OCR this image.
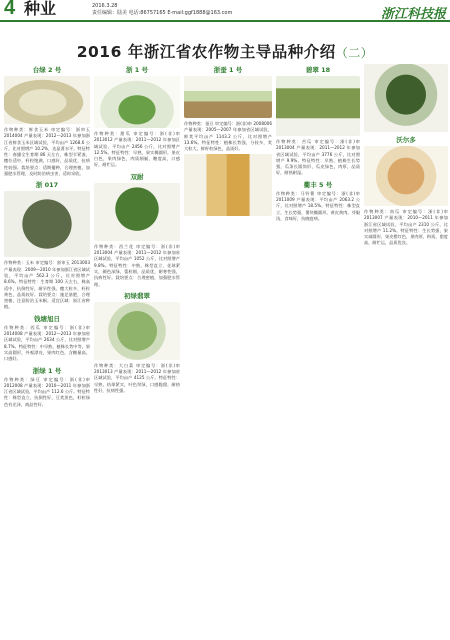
4 种业	2016.3.28
责任编辑：陆美 电话:86757165 E-mail:ggf1888@163.com	浙江科技报
2016 年浙江省农作物主导品种介绍（二）
台绿 2 号

作物种类：鲜食玉米 审定编号：浙审玉 2014004 产量表现：2012—2013 年参加浙江省鲜食玉米区域试验，平均亩产 1268.6 公斤，比对照增产 10.2%，达显著水平。特征特性：春播全生育期 86 天左右，株型半紧凑，穗位适中，籽粒饱满，口感好，品质优，抗病性较强。栽培要点：适期播种，合理密植，加强肥水管理，及时防治病虫害，适时采收。

浙 017

作物种类：玉米 审定编号：浙审玉 2013003 产量表现：2009—2010 年参加浙江省区域试验，平均亩产 562.3 公斤，比对照增产 8.6%。特征特性：生育期 100 天左右，株高适中，抗倒性好，耐旱性强，穗大粒多，籽粒黄色，品质较好。栽培要点：施足基肥，合理密植，注意防治玉米螟。适宜区域：浙江省种植。

钱塘旭日

作物种类：西瓜 审定编号：浙(非)审 2014008 产量表现：2012—2013 年参加省区域试验，平均亩产 2634 公斤，比对照增产 8.7%。特征特性：中早熟，植株长势中等，果实高圆形，外观漂亮，果肉红色，含糖量高，口感好。

浙绿 1 号

作物种类：绿豆 审定编号：浙(非)审 2012008 产量表现：2010—2011 年参加浙江省区域试验，平均亩产 112.6 公斤。特征特性：株型直立，抗倒性好，豆荚黑色，籽粒绿色有光泽，商品性好。

浙 1 号

作物种类：甜瓜 审定编号：浙(非)审 2013012 产量表现：2011—2012 年参加区域试验，平均亩产 2456 公斤，比对照增产 12.5%。特征特性：早熟，果实椭圆形，果皮白色，果肉绿色，肉质细腻，糖度高，口感好，耐贮运。

双耐

作物种类：西兰花 审定编号：浙(非)审 2013004 产量表现：2011—2012 年参加省区域试验，平均亩产 1052 公斤，比对照增产 9.8%。特征特性：中熟，株型直立，花球紧实，颜色深绿，蕾粒细，品质优，耐寒性强，抗病性好。栽培要点：合理密植，加强肥水管理。

初绿翡翠

作物种类：大白菜 审定编号：浙(非)审 2013013 产量表现：2011—2012 年参加省区域试验，平均亩产 4125 公斤。特征特性：早熟，结球紧实，叶色翠绿，口感脆甜，耐热性好，抗病性强。

浙蚕 1 号

作物种类：蚕豆 审定编号：浙(非)审 2008006 产量表现：2005—2007 年参加省区域试验，鲜荚平均亩产 1143.2 公斤，比对照增产 13.6%。特征特性：植株长势强，分枝多，荚大粒大，鲜籽粒绿色，品质好。

碧翠 18

作物种类：苦瓜 审定编号：浙(非)审 2013004 产量表现：2011—2012 年参加省区域试验，平均亩产 3776 公斤，比对照增产 9.9%。特征特性：早熟，植株生长势强，瓜条长圆筒形，瓜皮绿色，肉厚，品质好，耐热耐湿。

衢丰 5 号

作物种类：马铃薯 审定编号：浙(非)审 2011009 产量表现：平均亩产 2063.2 公斤，比对照增产 18.5%。特征特性：株型直立，生长势强，薯块椭圆形，黄皮黄肉，芽眼浅，食味好，抗晚疫病。

沃尔多

作物种类：南瓜 审定编号：浙(非)审 2013007 产量表现：2010—2011 年参加浙江省区域试验，平均亩产 2310 公斤，比对照增产 11.2%。特征特性：生长势强，果实扁圆形，果皮橙红色，果肉厚，粉质，甜度高，耐贮运，品质优良。
